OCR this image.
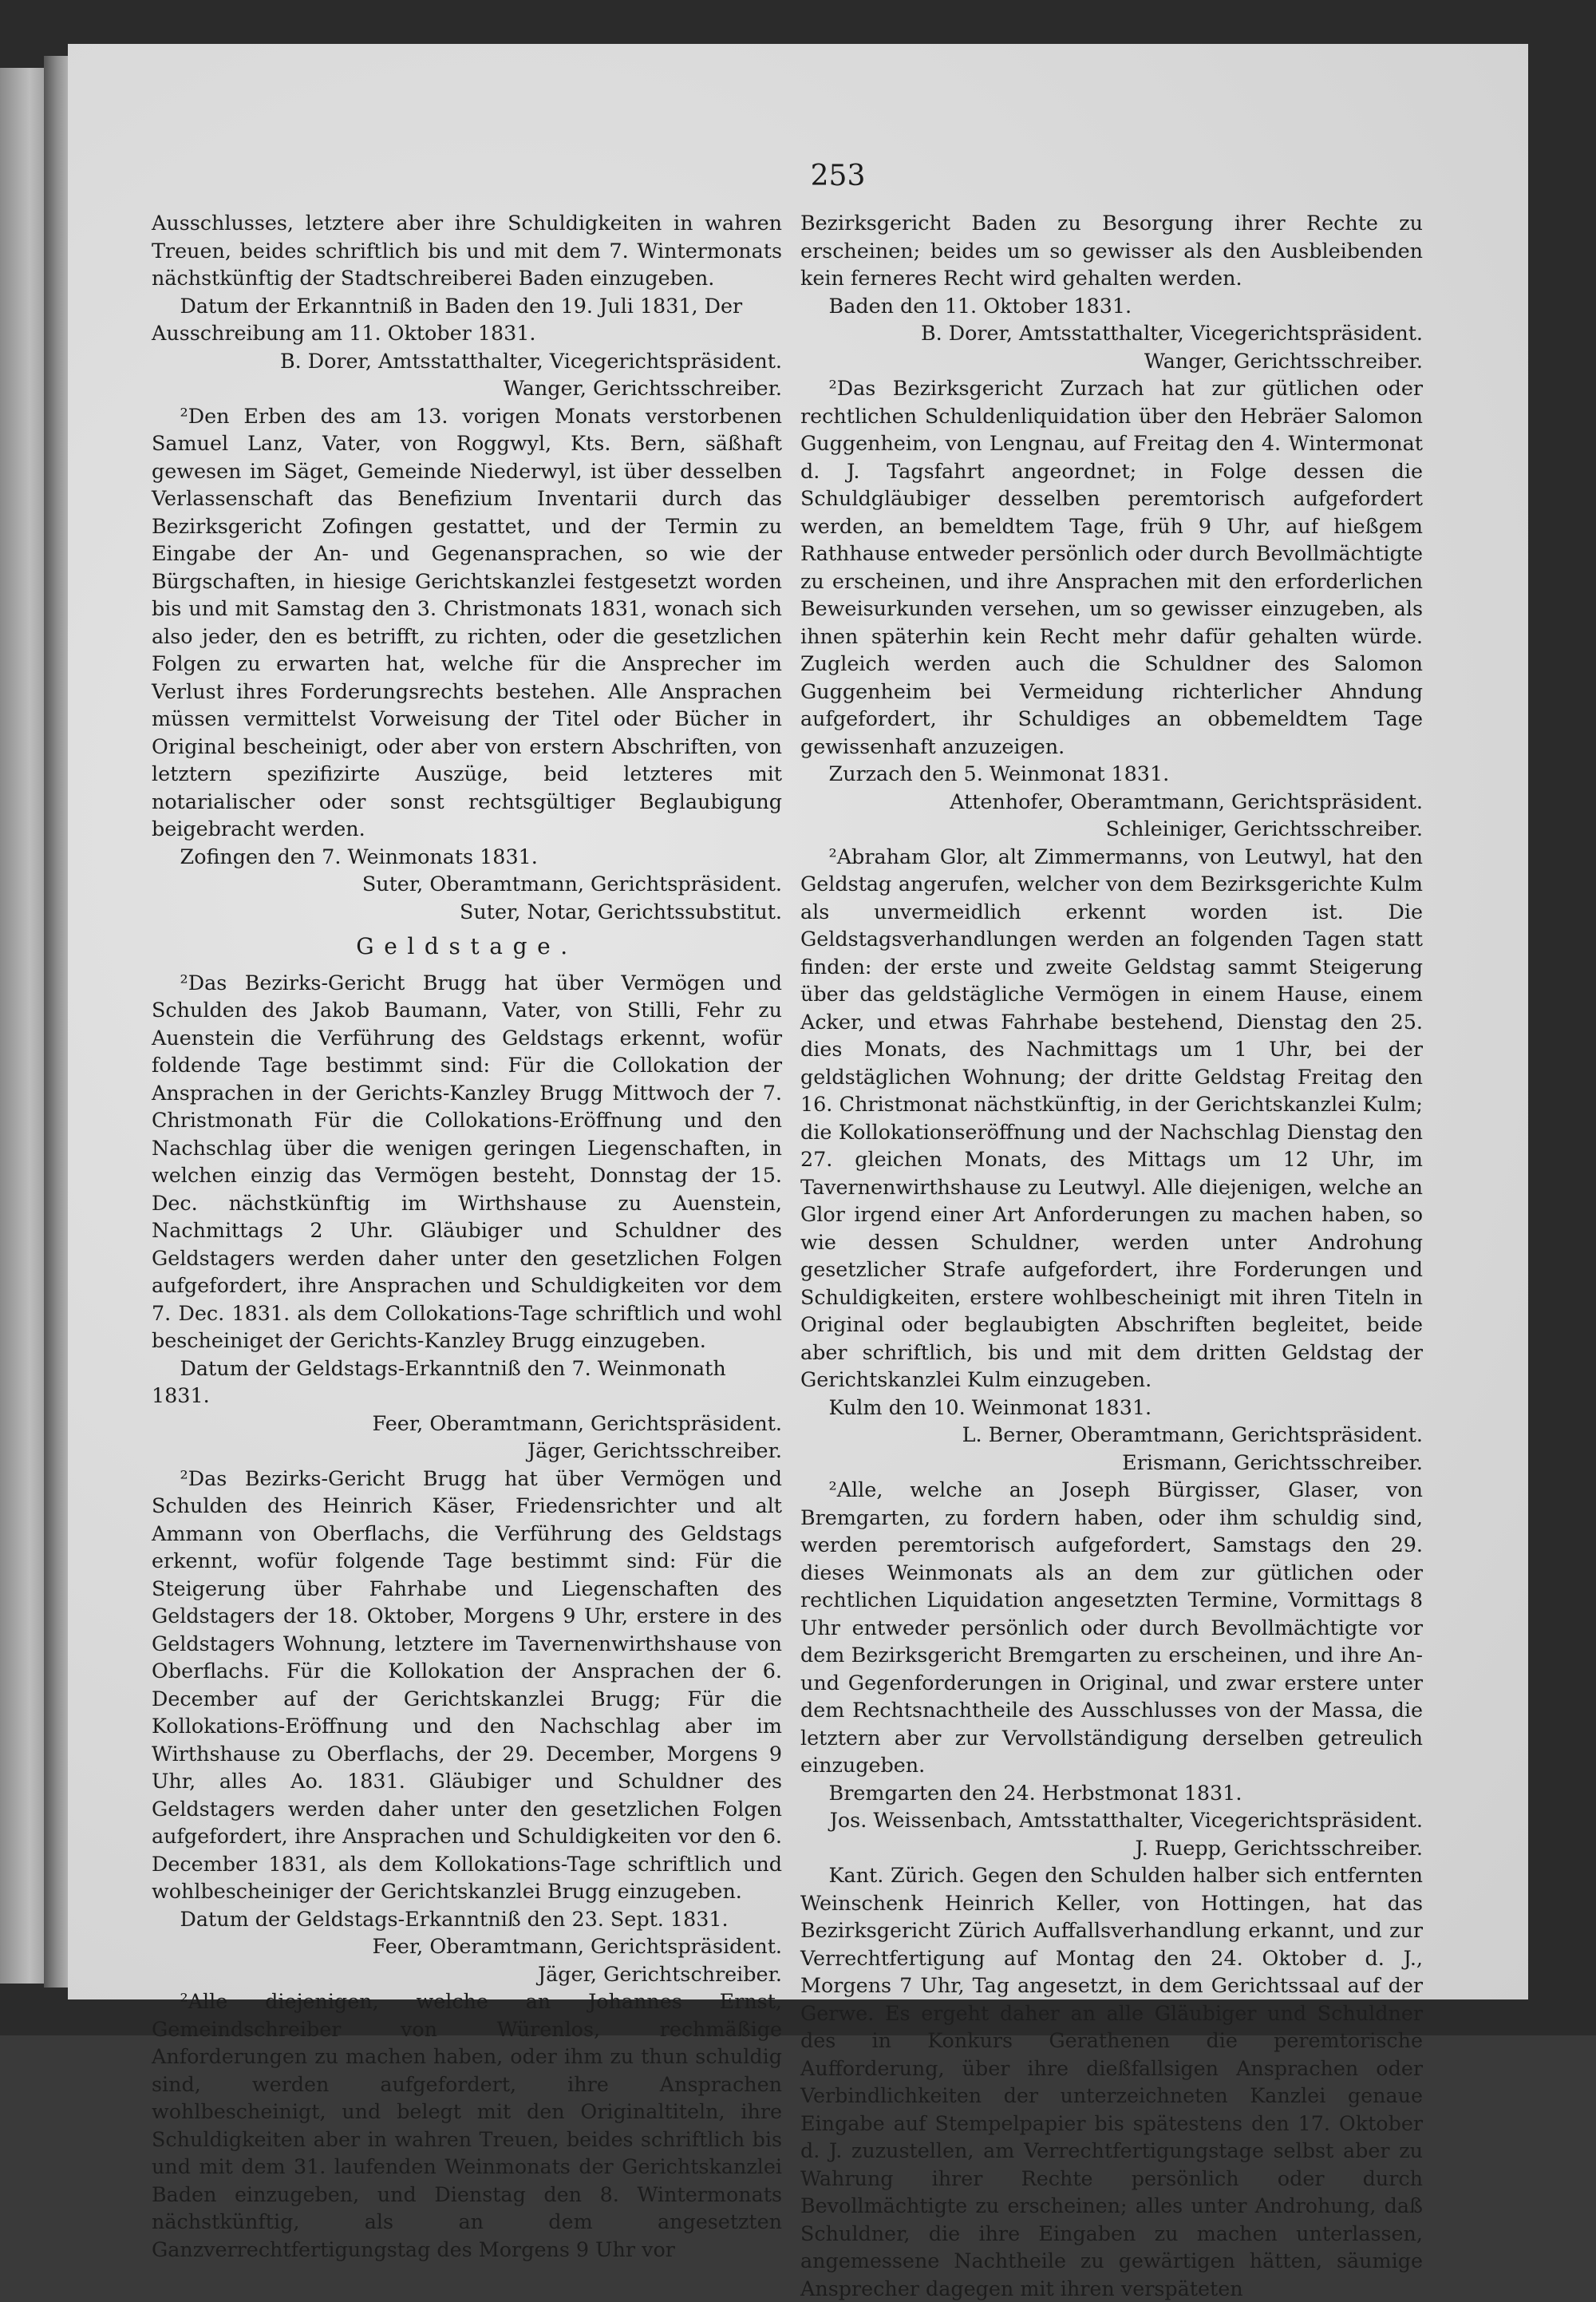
253

Ausschlusses, letztere aber ihre Schuldigkeiten in wahren Treuen, beides schriftlich bis und mit dem 7. Wintermonats nächstkünftig der Stadtschreiberei Baden einzugeben.

Datum der Erkanntniß in Baden den 19. Juli 1831, Der Ausschreibung am 11. Oktober 1831.

B. Dorer, Amtsstatthalter, Vicegerichtspräsident.

Wanger, Gerichtsschreiber.

²Den Erben des am 13. vorigen Monats verstorbenen Samuel Lanz, Vater, von Roggwyl, Kts. Bern, säßhaft gewesen im Säget, Gemeinde Niederwyl, ist über desselben Verlassenschaft das Benefizium Inventarii durch das Bezirksgericht Zofingen gestattet, und der Termin zu Eingabe der An- und Gegenansprachen, so wie der Bürgschaften, in hiesige Gerichtskanzlei festgesetzt worden bis und mit Samstag den 3. Christmonats 1831, wonach sich also jeder, den es betrifft, zu richten, oder die gesetzlichen Folgen zu erwarten hat, welche für die Ansprecher im Verlust ihres Forderungsrechts bestehen. Alle Ansprachen müssen vermittelst Vorweisung der Titel oder Bücher in Original bescheinigt, oder aber von erstern Abschriften, von letztern spezifizirte Auszüge, beid letzteres mit notarialischer oder sonst rechtsgültiger Beglaubigung beigebracht werden.

Zofingen den 7. Weinmonats 1831.

Suter, Oberamtmann, Gerichtspräsident.

Suter, Notar, Gerichtssubstitut.

Geldstage.

²Das Bezirks-Gericht Brugg hat über Vermögen und Schulden des Jakob Baumann, Vater, von Stilli, Fehr zu Auenstein die Verführung des Geldstags erkennt, wofür foldende Tage bestimmt sind: Für die Collokation der Ansprachen in der Gerichts-Kanzley Brugg Mittwoch der 7. Christmonath Für die Collokations-Eröffnung und den Nachschlag über die wenigen geringen Liegenschaften, in welchen einzig das Vermögen besteht, Donnstag der 15. Dec. nächstkünftig im Wirthshause zu Auenstein, Nachmittags 2 Uhr. Gläubiger und Schuldner des Geldstagers werden daher unter den gesetzlichen Folgen aufgefordert, ihre Ansprachen und Schuldigkeiten vor dem 7. Dec. 1831. als dem Collokations-Tage schriftlich und wohl bescheiniget der Gerichts-Kanzley Brugg einzugeben.

Datum der Geldstags-Erkanntniß den 7. Weinmonath 1831.

Feer, Oberamtmann, Gerichtspräsident.

Jäger, Gerichtsschreiber.

²Das Bezirks-Gericht Brugg hat über Vermögen und Schulden des Heinrich Käser, Friedensrichter und alt Ammann von Oberflachs, die Verführung des Geldstags erkennt, wofür folgende Tage bestimmt sind: Für die Steigerung über Fahrhabe und Liegenschaften des Geldstagers der 18. Oktober, Morgens 9 Uhr, erstere in des Geldstagers Wohnung, letztere im Tavernenwirthshause von Oberflachs. Für die Kollokation der Ansprachen der 6. December auf der Gerichtskanzlei Brugg; Für die Kollokations-Eröffnung und den Nachschlag aber im Wirthshause zu Oberflachs, der 29. December, Morgens 9 Uhr, alles Ao. 1831. Gläubiger und Schuldner des Geldstagers werden daher unter den gesetzlichen Folgen aufgefordert, ihre Ansprachen und Schuldigkeiten vor den 6. December 1831, als dem Kollokations-Tage schriftlich und wohlbescheiniger der Gerichtskanzlei Brugg einzugeben.

Datum der Geldstags-Erkanntniß den 23. Sept. 1831.

Feer, Oberamtmann, Gerichtspräsident.

Jäger, Gerichtschreiber.

²Alle diejenigen, welche an Johannes Ernst, Gemeindschreiber von Würenlos, rechmäßige Anforderungen zu machen haben, oder ihm zu thun schuldig sind, werden aufgefordert, ihre Ansprachen wohlbescheinigt, und belegt mit den Originaltiteln, ihre Schuldigkeiten aber in wahren Treuen, beides schriftlich bis und mit dem 31. laufenden Weinmonats der Gerichtskanzlei Baden einzugeben, und Dienstag den 8. Wintermonats nächstkünftig, als an dem angesetzten Ganzverrechtfertigungstag des Morgens 9 Uhr vor

Bezirksgericht Baden zu Besorgung ihrer Rechte zu erscheinen; beides um so gewisser als den Ausbleibenden kein ferneres Recht wird gehalten werden.

Baden den 11. Oktober 1831.

B. Dorer, Amtsstatthalter, Vicegerichtspräsident.

Wanger, Gerichtsschreiber.

²Das Bezirksgericht Zurzach hat zur gütlichen oder rechtlichen Schuldenliquidation über den Hebräer Salomon Guggenheim, von Lengnau, auf Freitag den 4. Wintermonat d. J. Tagsfahrt angeordnet; in Folge dessen die Schuldgläubiger desselben peremtorisch aufgefordert werden, an bemeldtem Tage, früh 9 Uhr, auf hießgem Rathhause entweder persönlich oder durch Bevollmächtigte zu erscheinen, und ihre Ansprachen mit den erforderlichen Beweisurkunden versehen, um so gewisser einzugeben, als ihnen späterhin kein Recht mehr dafür gehalten würde. Zugleich werden auch die Schuldner des Salomon Guggenheim bei Vermeidung richterlicher Ahndung aufgefordert, ihr Schuldiges an obbemeldtem Tage gewissenhaft anzuzeigen.

Zurzach den 5. Weinmonat 1831.

Attenhofer, Oberamtmann, Gerichtspräsident.

Schleiniger, Gerichtsschreiber.

²Abraham Glor, alt Zimmermanns, von Leutwyl, hat den Geldstag angerufen, welcher von dem Bezirksgerichte Kulm als unvermeidlich erkennt worden ist. Die Geldstagsverhandlungen werden an folgenden Tagen statt finden: der erste und zweite Geldstag sammt Steigerung über das geldstägliche Vermögen in einem Hause, einem Acker, und etwas Fahrhabe bestehend, Dienstag den 25. dies Monats, des Nachmittags um 1 Uhr, bei der geldstäglichen Wohnung; der dritte Geldstag Freitag den 16. Christmonat nächstkünftig, in der Gerichtskanzlei Kulm; die Kollokationseröffnung und der Nachschlag Dienstag den 27. gleichen Monats, des Mittags um 12 Uhr, im Tavernenwirthshause zu Leutwyl. Alle diejenigen, welche an Glor irgend einer Art Anforderungen zu machen haben, so wie dessen Schuldner, werden unter Androhung gesetzlicher Strafe aufgefordert, ihre Forderungen und Schuldigkeiten, erstere wohlbescheinigt mit ihren Titeln in Original oder beglaubigten Abschriften begleitet, beide aber schriftlich, bis und mit dem dritten Geldstag der Gerichtskanzlei Kulm einzugeben.

Kulm den 10. Weinmonat 1831.

L. Berner, Oberamtmann, Gerichtspräsident.

Erismann, Gerichtsschreiber.

²Alle, welche an Joseph Bürgisser, Glaser, von Bremgarten, zu fordern haben, oder ihm schuldig sind, werden peremtorisch aufgefordert, Samstags den 29. dieses Weinmonats als an dem zur gütlichen oder rechtlichen Liquidation angesetzten Termine, Vormittags 8 Uhr entweder persönlich oder durch Bevollmächtigte vor dem Bezirksgericht Bremgarten zu erscheinen, und ihre An- und Gegenforderungen in Original, und zwar erstere unter dem Rechtsnachtheile des Ausschlusses von der Massa, die letztern aber zur Vervollständigung derselben getreulich einzugeben.

Bremgarten den 24. Herbstmonat 1831.

Jos. Weissenbach, Amtsstatthalter, Vicegerichtspräsident.

J. Ruepp, Gerichtsschreiber.

Kant. Zürich. Gegen den Schulden halber sich entfernten Weinschenk Heinrich Keller, von Hottingen, hat das Bezirksgericht Zürich Auffallsverhandlung erkannt, und zur Verrechtfertigung auf Montag den 24. Oktober d. J., Morgens 7 Uhr, Tag angesetzt, in dem Gerichtssaal auf der Gerwe. Es ergeht daher an alle Gläubiger und Schuldner des in Konkurs Gerathenen die peremtorische Aufforderung, über ihre dießfallsigen Ansprachen oder Verbindlichkeiten der unterzeichneten Kanzlei genaue Eingabe auf Stempelpapier bis spätestens den 17. Oktober d. J. zuzustellen, am Verrechtfertigungstage selbst aber zu Wahrung ihrer Rechte persönlich oder durch Bevollmächtigte zu erscheinen; alles unter Androhung, daß Schuldner, die ihre Eingaben zu machen unterlassen, angemessene Nachtheile zu gewärtigen hätten, säumige Ansprecher dagegen mit ihren verspäteten
